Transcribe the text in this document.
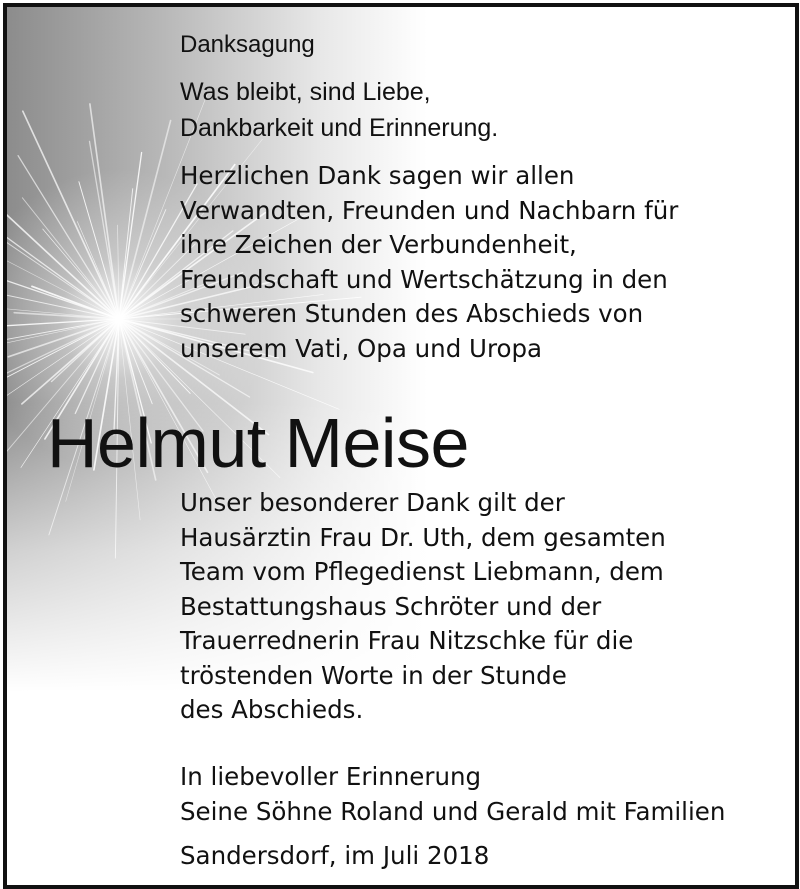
Danksagung
Was bleibt, sind Liebe,
Dankbarkeit und Erinnerung.
Herzlichen Dank sagen wir allen
Verwandten, Freunden und Nachbarn für
ihre Zeichen der Verbundenheit,
Freundschaft und Wertschätzung in den
schweren Stunden des Abschieds von
unserem Vati, Opa und Uropa
Helmut Meise
Unser besonderer Dank gilt der
Hausärztin Frau Dr. Uth, dem gesamten
Team vom Pflegedienst Liebmann, dem
Bestattungshaus Schröter und der
Trauerrednerin Frau Nitzschke für die
tröstenden Worte in der Stunde
des Abschieds.
In liebevoller Erinnerung
Seine Söhne Roland und Gerald mit Familien
Sandersdorf, im Juli 2018
